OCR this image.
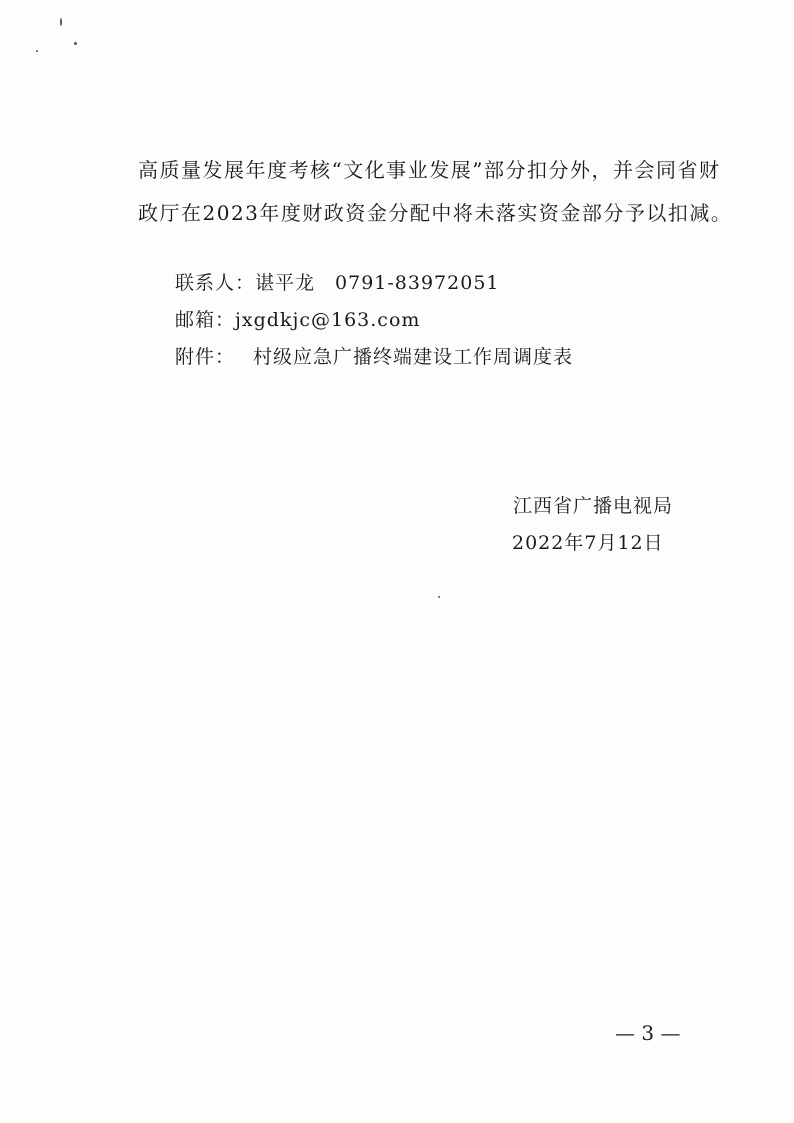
高质量发展年度考核“文化事业发展”部分扣分外，并会同省财
政厅在2023年度财政资金分配中将未落实资金部分予以扣减。
联系人：谌平龙　0791-83972051
邮箱：jxgdkjc@163.com
附件： 村级应急广播终端建设工作周调度表
江西省广播电视局
2022年7月12日
— 3 —
